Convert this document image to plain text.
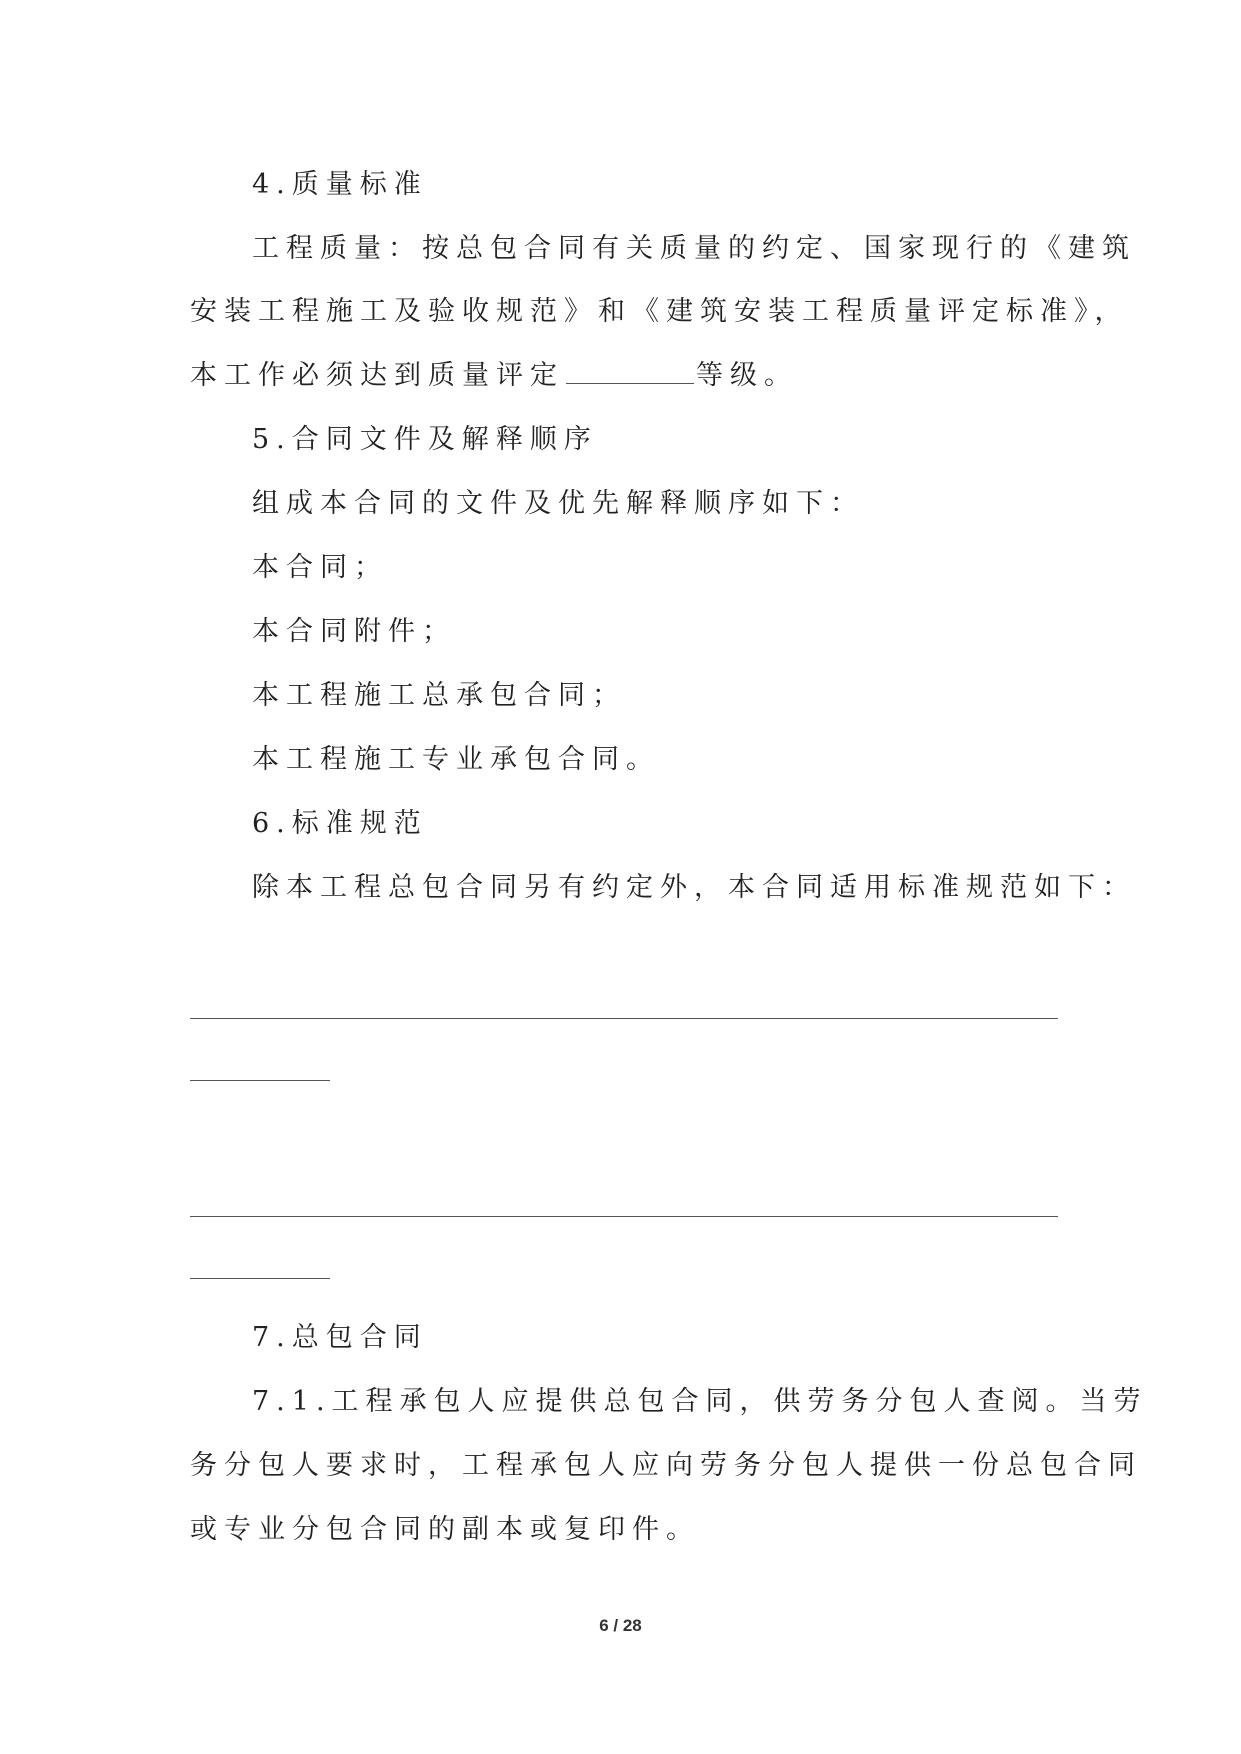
4.质量标准
工程质量：按总包合同有关质量的约定、国家现行的《建筑
安装工程施工及验收规范》和《建筑安装工程质量评定标准》，
本工作必须达到质量评定	等级。
5.合同文件及解释顺序
组成本合同的文件及优先解释顺序如下：
本合同；
本合同附件；
本工程施工总承包合同；
本工程施工专业承包合同。
6.标准规范
除本工程总包合同另有约定外，本合同适用标准规范如下：
7.总包合同
7.1.工程承包人应提供总包合同，供劳务分包人查阅。当劳
务分包人要求时，工程承包人应向劳务分包人提供一份总包合同
或专业分包合同的副本或复印件。
6 / 28
